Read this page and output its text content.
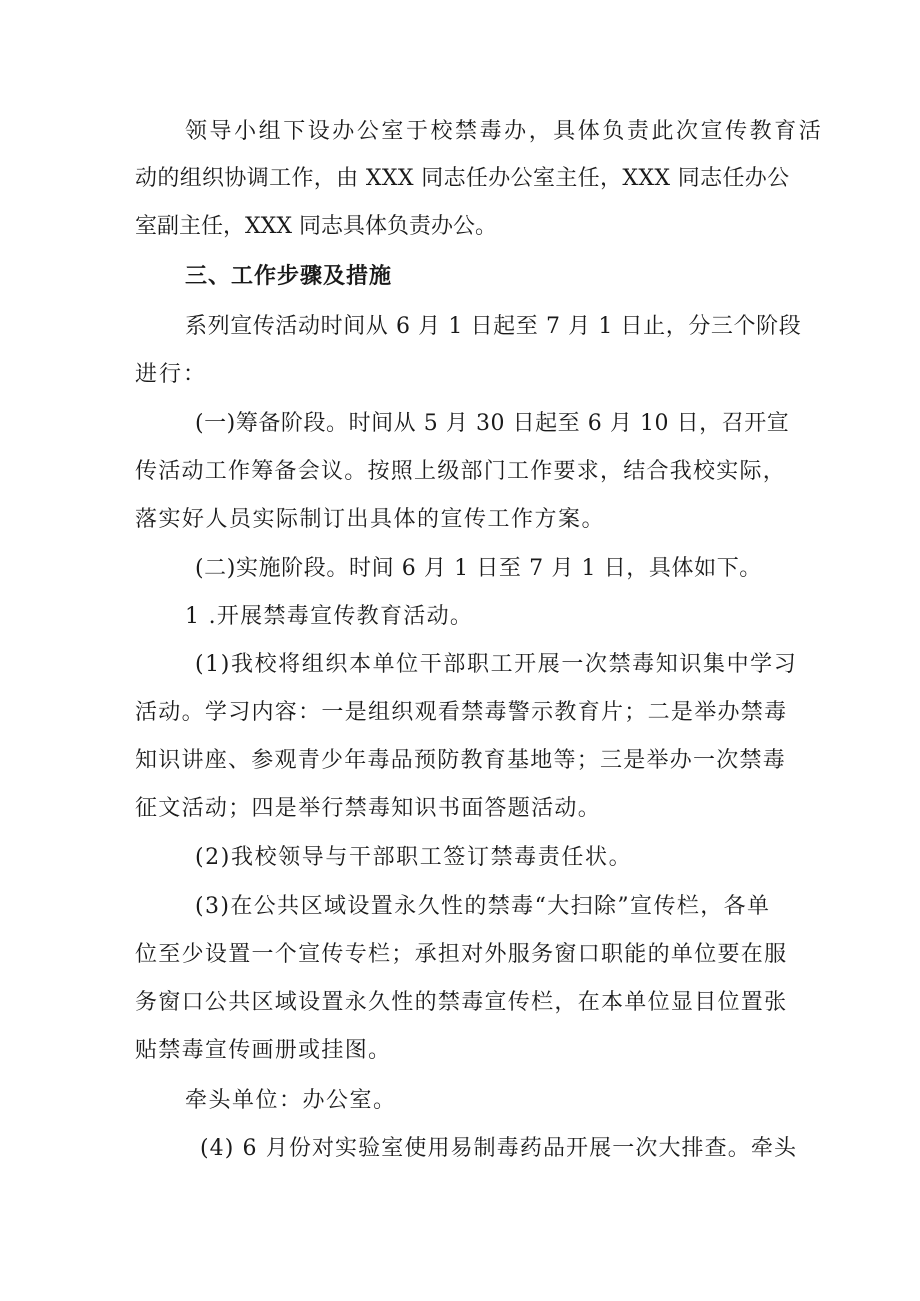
领导小组下设办公室于校禁毒办，具体负责此次宣传教育活
动的组织协调工作，由 XXX 同志任办公室主任，XXX 同志任办公
室副主任，XXX 同志具体负责办公。
三、工作步骤及措施
系列宣传活动时间从 6 月 1 日起至 7 月 1 日止，分三个阶段
进行：
(一)筹备阶段。时间从 5 月 30 日起至 6 月 10 日，召开宣
传活动工作筹备会议。按照上级部门工作要求，结合我校实际，
落实好人员实际制订出具体的宣传工作方案。
(二)实施阶段。时间 6 月 1 日至 7 月 1 日，具体如下。
1 .开展禁毒宣传教育活动。
(1)我校将组织本单位干部职工开展一次禁毒知识集中学习
活动。学习内容：一是组织观看禁毒警示教育片；二是举办禁毒
知识讲座、参观青少年毒品预防教育基地等；三是举办一次禁毒
征文活动；四是举行禁毒知识书面答题活动。
(2)我校领导与干部职工签订禁毒责任状。
(3)在公共区域设置永久性的禁毒“大扫除”宣传栏，各单
位至少设置一个宣传专栏；承担对外服务窗口职能的单位要在服
务窗口公共区域设置永久性的禁毒宣传栏，在本单位显目位置张
贴禁毒宣传画册或挂图。
牵头单位：办公室。
(4) 6 月份对实验室使用易制毒药品开展一次大排查。牵头
